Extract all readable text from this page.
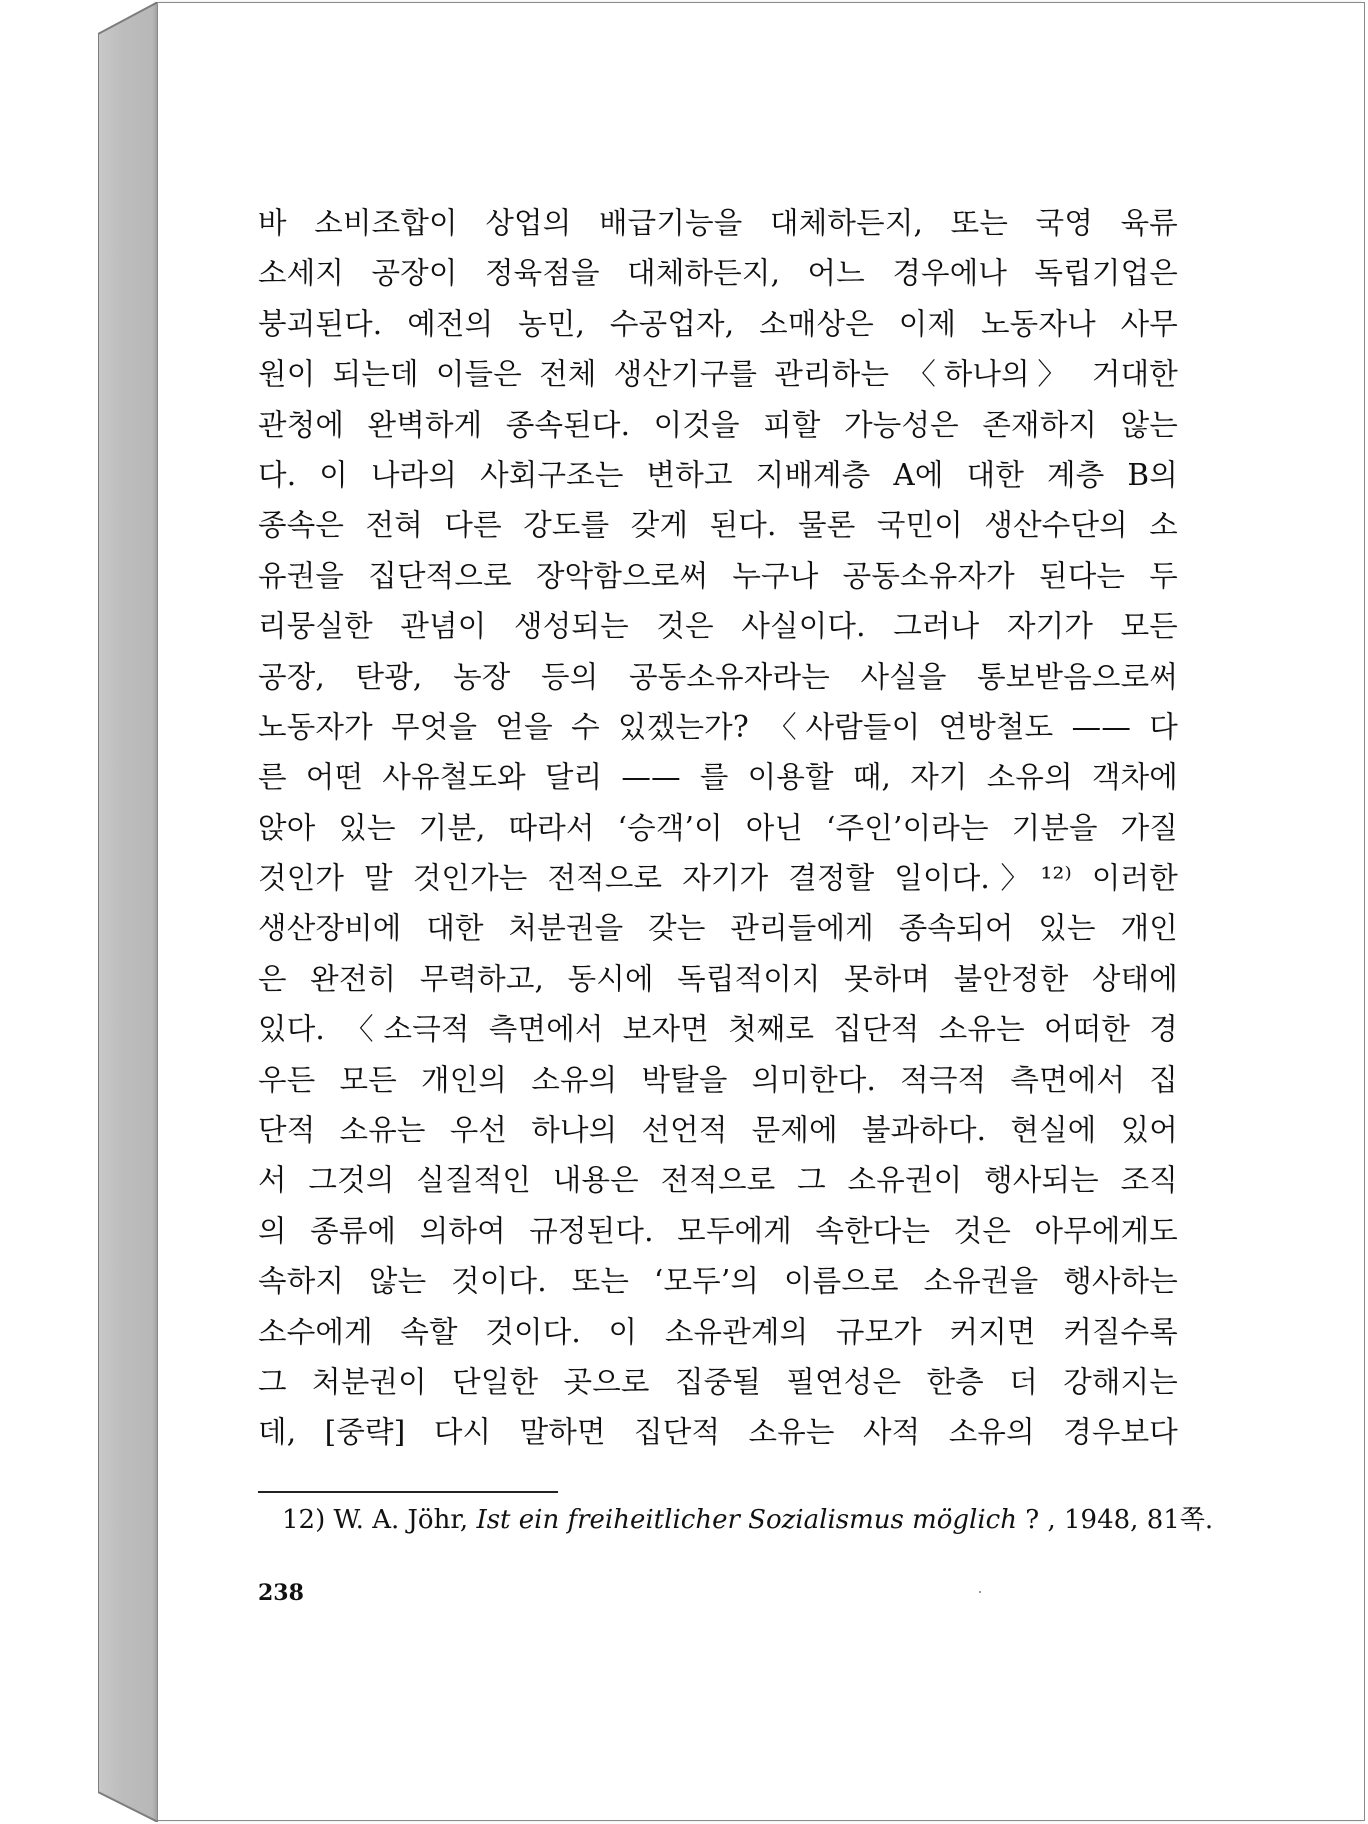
바 소비조합이 상업의 배급기능을 대체하든지, 또는 국영 육류
소세지 공장이 정육점을 대체하든지, 어느 경우에나 독립기업은
붕괴된다. 예전의 농민, 수공업자, 소매상은 이제 노동자나 사무
원이 되는데 이들은 전체 생산기구를 관리하는 〈하나의〉 거대한
관청에 완벽하게 종속된다. 이것을 피할 가능성은 존재하지 않는
다. 이 나라의 사회구조는 변하고 지배계층 A에 대한 계층 B의
종속은 전혀 다른 강도를 갖게 된다. 물론 국민이 생산수단의 소
유권을 집단적으로 장악함으로써 누구나 공동소유자가 된다는 두
리뭉실한 관념이 생성되는 것은 사실이다. 그러나 자기가 모든
공장, 탄광, 농장 등의 공동소유자라는 사실을 통보받음으로써
노동자가 무엇을 얻을 수 있겠는가? 〈사람들이 연방철도 —— 다
른 어떤 사유철도와 달리 —— 를 이용할 때, 자기 소유의 객차에
앉아 있는 기분, 따라서 ‘승객’이 아닌 ‘주인’이라는 기분을 가질
것인가 말 것인가는 전적으로 자기가 결정할 일이다.〉¹²⁾ 이러한
생산장비에 대한 처분권을 갖는 관리들에게 종속되어 있는 개인
은 완전히 무력하고, 동시에 독립적이지 못하며 불안정한 상태에
있다. 〈소극적 측면에서 보자면 첫째로 집단적 소유는 어떠한 경
우든 모든 개인의 소유의 박탈을 의미한다. 적극적 측면에서 집
단적 소유는 우선 하나의 선언적 문제에 불과하다. 현실에 있어
서 그것의 실질적인 내용은 전적으로 그 소유권이 행사되는 조직
의 종류에 의하여 규정된다. 모두에게 속한다는 것은 아무에게도
속하지 않는 것이다. 또는 ‘모두’의 이름으로 소유권을 행사하는
소수에게 속할 것이다. 이 소유관계의 규모가 커지면 커질수록
그 처분권이 단일한 곳으로 집중될 필연성은 한층 더 강해지는
데, [중략] 다시 말하면 집단적 소유는 사적 소유의 경우보다
12) W. A. Jöhr, Ist ein freiheitlicher Sozialismus möglich ? , 1948, 81쪽.
238
